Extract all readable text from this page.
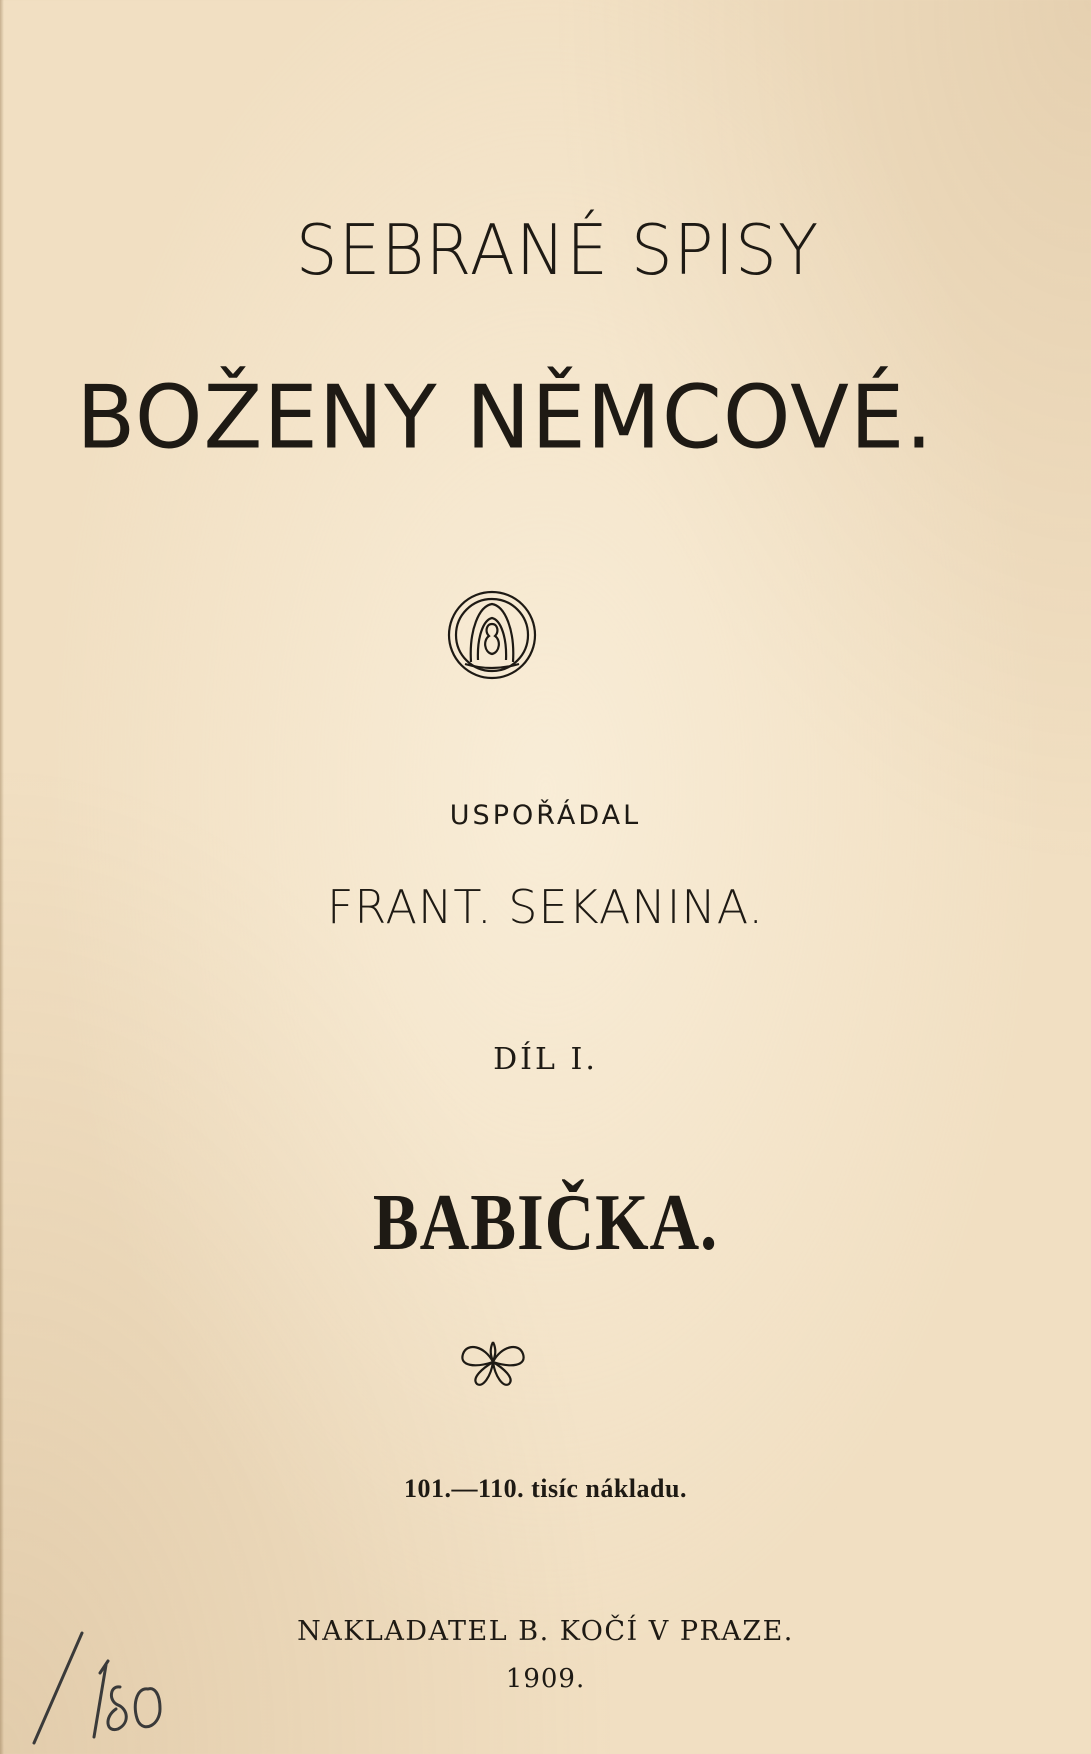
SEBRANÉ SPISY
BOŽENY NĚMCOVÉ.
USPOŘÁDAL
FRANT. SEKANINA.
DÍL I.
BABIČKA.
101.—110. tisíc nákladu.
NAKLADATEL B. KOČÍ V PRAZE.
1909.
